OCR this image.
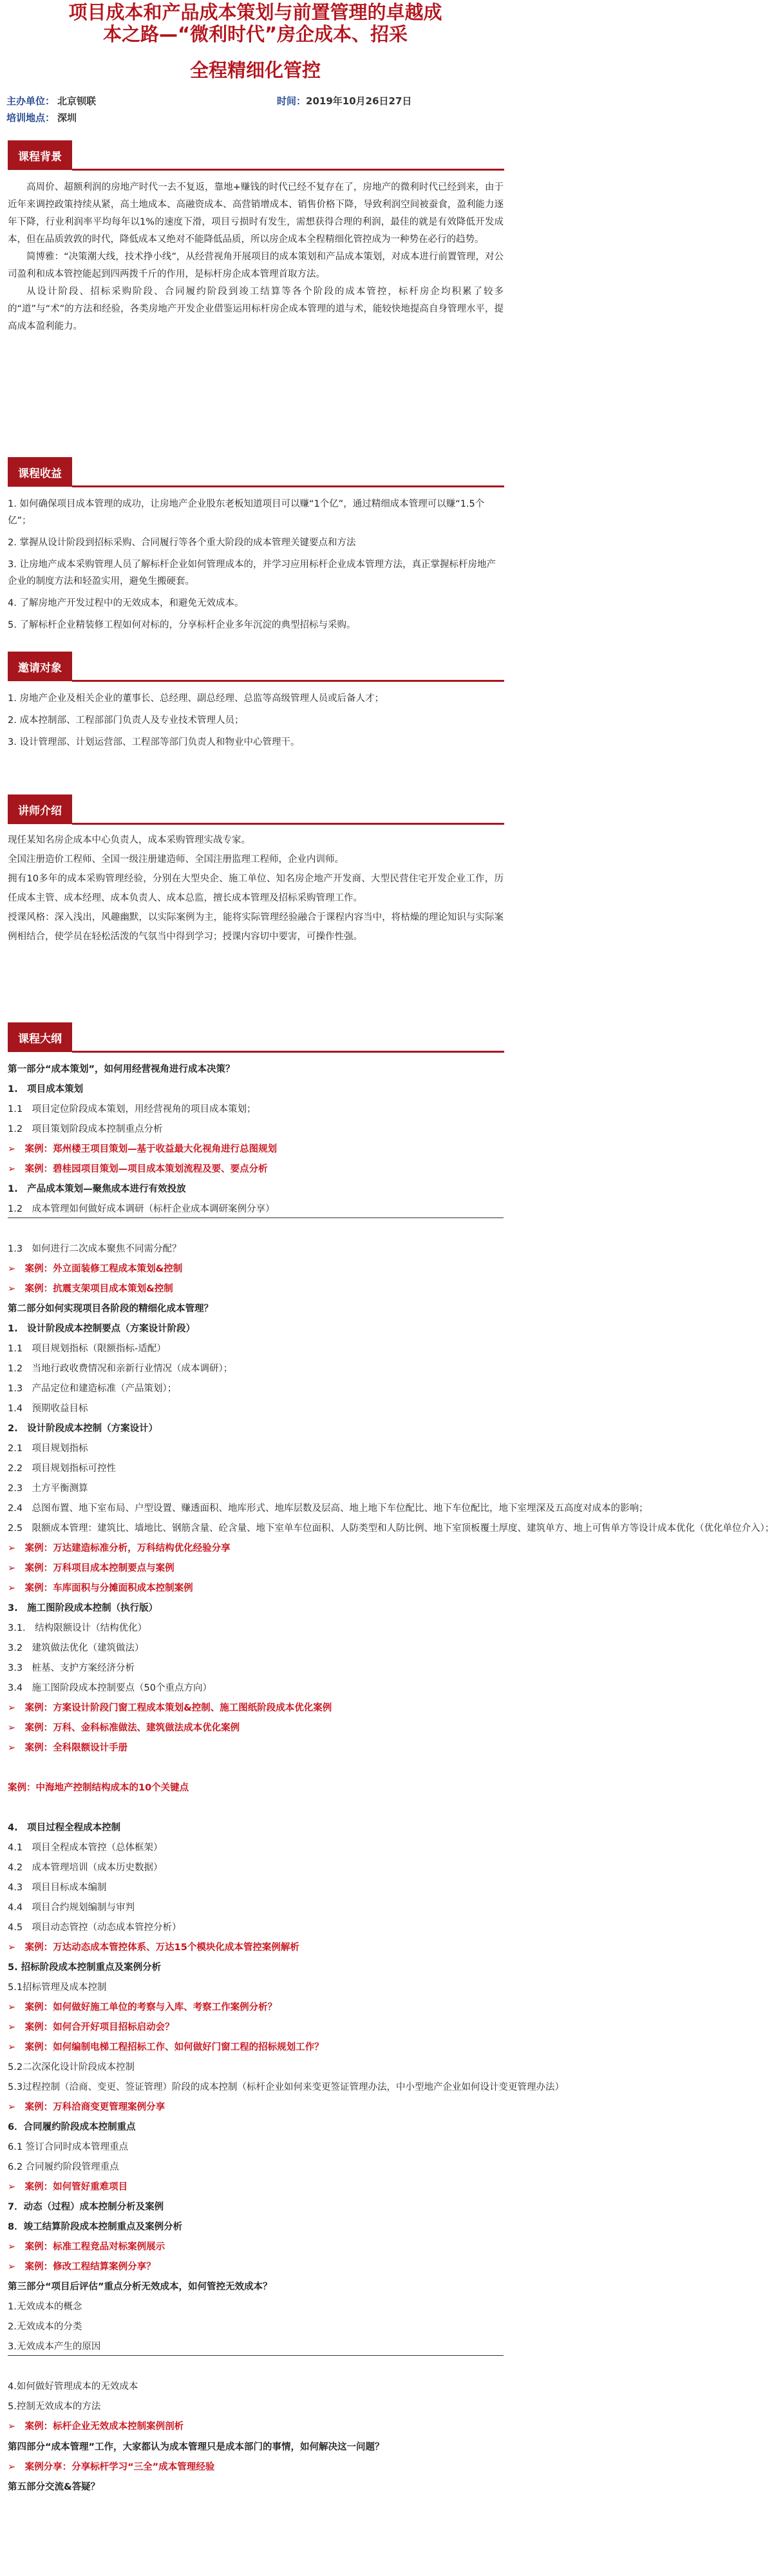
项目成本和产品成本策划与前置管理的卓越成
本之路—“微利时代”房企成本、招采
全程精细化管控
主办单位： 北京钡联	时间：2019年10月26日27日
培训地点： 深圳
课程背景

高周价、超额利润的房地产时代一去不复返，靠地+赚钱的时代已经不复存在了，房地产的微利时代已经到来，由于近年来调控政策持续从紧，高土地成本、高融资成本、高营销增成本、销售价格下降，导致利润空间被蚕食，盈利能力逐年下降，行业利润率平均每年以1%的速度下滑，项目亏损时有发生，需想获得合理的利润，最佳的就是有效降低开发成本，但在品质敦敦的时代，降低成本又绝对不能降低品质，所以房企成本全程精细化管控成为一种势在必行的趋势。

简博雅：“决策潮大线，技术挣小线”，从经营视角开展项目的成本策划和产品成本策划，对成本进行前置管理，对公司盈利和成本管控能起到四两拨千斤的作用，是标杆房企成本管理首取方法。

从设计阶段、招标采购阶段、合同履约阶段到竣工结算等各个阶段的成本管控，标杆房企均积累了较多的“道”与“术”的方法和经验，各类房地产开发企业借鉴运用标杆房企成本管理的道与术，能较快地提高自身管理水平，提高成本盈利能力。

课程收益
1. 如何确保项目成本管理的成功，让房地产企业股东老板知道项目可以赚“1个亿”，通过精细成本管理可以赚“1.5个亿”；
2. 掌握从设计阶段到招标采购、合同履行等各个重大阶段的成本管理关键要点和方法
3. 让房地产成本采购管理人员了解标杆企业如何管理成本的，并学习应用标杆企业成本管理方法，真正掌握标杆房地产企业的制度方法和轻盈实用，避免生搬硬套。
4. 了解房地产开发过程中的无效成本，和避免无效成本。
5. 了解标杆企业精装修工程如何对标的，分享标杆企业多年沉淀的典型招标与采购。
邀请对象
1. 房地产企业及相关企业的董事长、总经理、副总经理、总监等高级管理人员或后备人才；
2. 成本控制部、工程部部门负责人及专业技术管理人员；
3. 设计管理部、计划运营部、工程部等部门负责人和物业中心管理干。
讲师介绍

现任某知名房企成本中心负责人，成本采购管理实战专家。

全国注册造价工程师、全国一级注册建造师、全国注册监理工程师，企业内训师。

拥有10多年的成本采购管理经验，分别在大型央企、施工单位、知名房企地产开发商、大型民营住宅开发企业工作，历任成本主管、成本经理、成本负责人、成本总监，擅长成本管理及招标采购管理工作。

授课风格：深入浅出，风趣幽默，以实际案例为主，能将实际管理经验融合于课程内容当中，将枯燥的理论知识与实际案例相结合，使学员在轻松活泼的气氛当中得到学习；授课内容切中要害，可操作性强。

课程大纲
第一部分“成本策划”，如何用经营视角进行成本决策？
1.　项目成本策划
1.1　项目定位阶段成本策划，用经营视角的项目成本策划；
1.2　项目策划阶段成本控制重点分析
➢　案例：郑州楼王项目策划—基于收益最大化视角进行总图规划
➢　案例：碧桂园项目策划—项目成本策划流程及要、要点分析
1.　产品成本策划—聚焦成本进行有效投放
1.2　成本管理如何做好成本调研（标杆企业成本调研案例分享）
1.3　如何进行二次成本聚焦不同需分配？
➢　案例：外立面装修工程成本策划&控制
➢　案例：抗震支架项目成本策划&控制
第二部分如何实现项目各阶段的精细化成本管理？
1.　设计阶段成本控制要点（方案设计阶段）
1.1　项目规划指标（限额指标-适配）
1.2　当地行政收费情况和亲新行业情况（成本调研）；
1.3　产品定位和建造标准（产品策划）；
1.4　预期收益目标
2.　设计阶段成本控制（方案设计）
2.1　项目规划指标
2.2　项目规划指标可控性
2.3　土方平衡测算
2.4　总图布置、地下室布局、户型设置、赚透面积、地库形式、地库层数及层高、地上地下车位配比、地下车位配比，地下室埋深及五高度对成本的影响；
2.5　限额成本管理：建筑比、墙地比、钢筋含量、砼含量、地下室单车位面积、人防类型和人防比例、地下室顶板覆土厚度、建筑单方、地上可售单方等设计成本优化（优化单位介入）；
➢　案例：万达建造标准分析，万科结构优化经验分享
➢　案例：万科项目成本控制要点与案例
➢　案例：车库面积与分摊面积成本控制案例
3.　施工图阶段成本控制（执行版）
3.1.　结构限额设计（结构优化）
3.2　建筑做法优化（建筑做法）
3.3　桩基、支护方案经济分析
3.4　施工图阶段成本控制要点（50个重点方向）
➢　案例：方案设计阶段门窗工程成本策划&控制、施工图纸阶段成本优化案例
➢　案例：万科、金科标准做法、建筑做法成本优化案例
➢　案例：全科限额设计手册
案例：中海地产控制结构成本的10个关键点
4.　项目过程全程成本控制
4.1　项目全程成本管控（总体框架）
4.2　成本管理培训（成本历史数据）
4.3　项目目标成本编制
4.4　项目合约规划编制与审判
4.5　项目动态管控（动态成本管控分析）
➢　案例：万达动态成本管控体系、万达15个模块化成本管控案例解析
5. 招标阶段成本控制重点及案例分析
5.1招标管理及成本控制
➢　案例：如何做好施工单位的考察与入库、考察工作案例分析？
➢　案例：如何合开好项目招标启动会？
➢　案例：如何编制电梯工程招标工作、如何做好门窗工程的招标规划工作？
5.2二次深化设计阶段成本控制
5.3过程控制（洽商、变更、签证管理）阶段的成本控制（标杆企业如何来变更签证管理办法，中小型地产企业如何设计变更管理办法）
➢　案例：万科洽商变更管理案例分享
6．合同履约阶段成本控制重点
6.1 签订合同时成本管理重点
6.2 合同履约阶段管理重点
➢　案例：如何管好重难项目
7．动态（过程）成本控制分析及案例
8．竣工结算阶段成本控制重点及案例分析
➢　案例：标准工程竞品对标案例展示
➢　案例：修改工程结算案例分享？
第三部分“项目后评估”重点分析无效成本，如何管控无效成本？
1.无效成本的概念
2.无效成本的分类
3.无效成本产生的原因
4.如何做好管理成本的无效成本
5.控制无效成本的方法
➢　案例：标杆企业无效成本控制案例剖析
第四部分“成本管理”工作，大家都认为成本管理只是成本部门的事情，如何解决这一问题？
➢　案例分享：分享标杆学习“三全”成本管理经验
第五部分交流&答疑？
